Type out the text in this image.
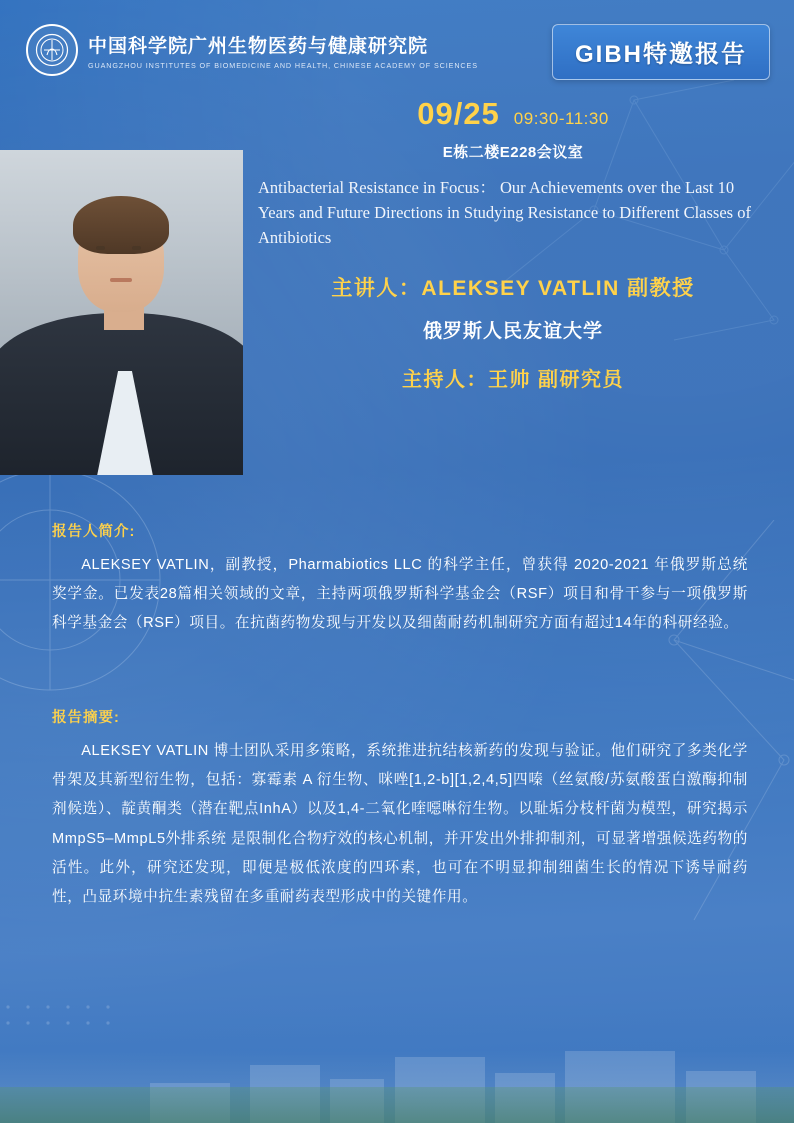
中国科学院广州生物医药与健康研究院
GUANGZHOU INSTITUTES OF BIOMEDICINE AND HEALTH, CHINESE ACADEMY OF SCIENCES	GIBH特邀报告
09/25 09:30-11:30
E栋二楼E228会议室
Antibacterial Resistance in Focus： Our Achievements over the Last 10 Years and Future Directions in Studying Resistance to Different Classes of Antibiotics
主讲人：ALEKSEY VATLIN 副教授
俄罗斯人民友谊大学
主持人：王帅 副研究员
报告人简介:
ALEKSEY VATLIN，副教授，Pharmabiotics LLC 的科学主任，曾获得 2020-2021 年俄罗斯总统奖学金。已发表28篇相关领域的文章，主持两项俄罗斯科学基金会（RSF）项目和骨干参与一项俄罗斯科学基金会（RSF）项目。在抗菌药物发现与开发以及细菌耐药机制研究方面有超过14年的科研经验。
报告摘要:
ALEKSEY VATLIN 博士团队采用多策略，系统推进抗结核新药的发现与验证。他们研究了多类化学骨架及其新型衍生物，包括：寡霉素 A 衍生物、咪唑[1,2-b][1,2,4,5]四嗪（丝氨酸/苏氨酸蛋白激酶抑制剂候选）、靛黄酮类（潜在靶点InhA）以及1,4-二氧化喹噁啉衍生物。以耻垢分枝杆菌为模型，研究揭示MmpS5–MmpL5外排系统 是限制化合物疗效的核心机制，并开发出外排抑制剂，可显著增强候选药物的活性。此外，研究还发现，即便是极低浓度的四环素，也可在不明显抑制细菌生长的情况下诱导耐药性，凸显环境中抗生素残留在多重耐药表型形成中的关键作用。
